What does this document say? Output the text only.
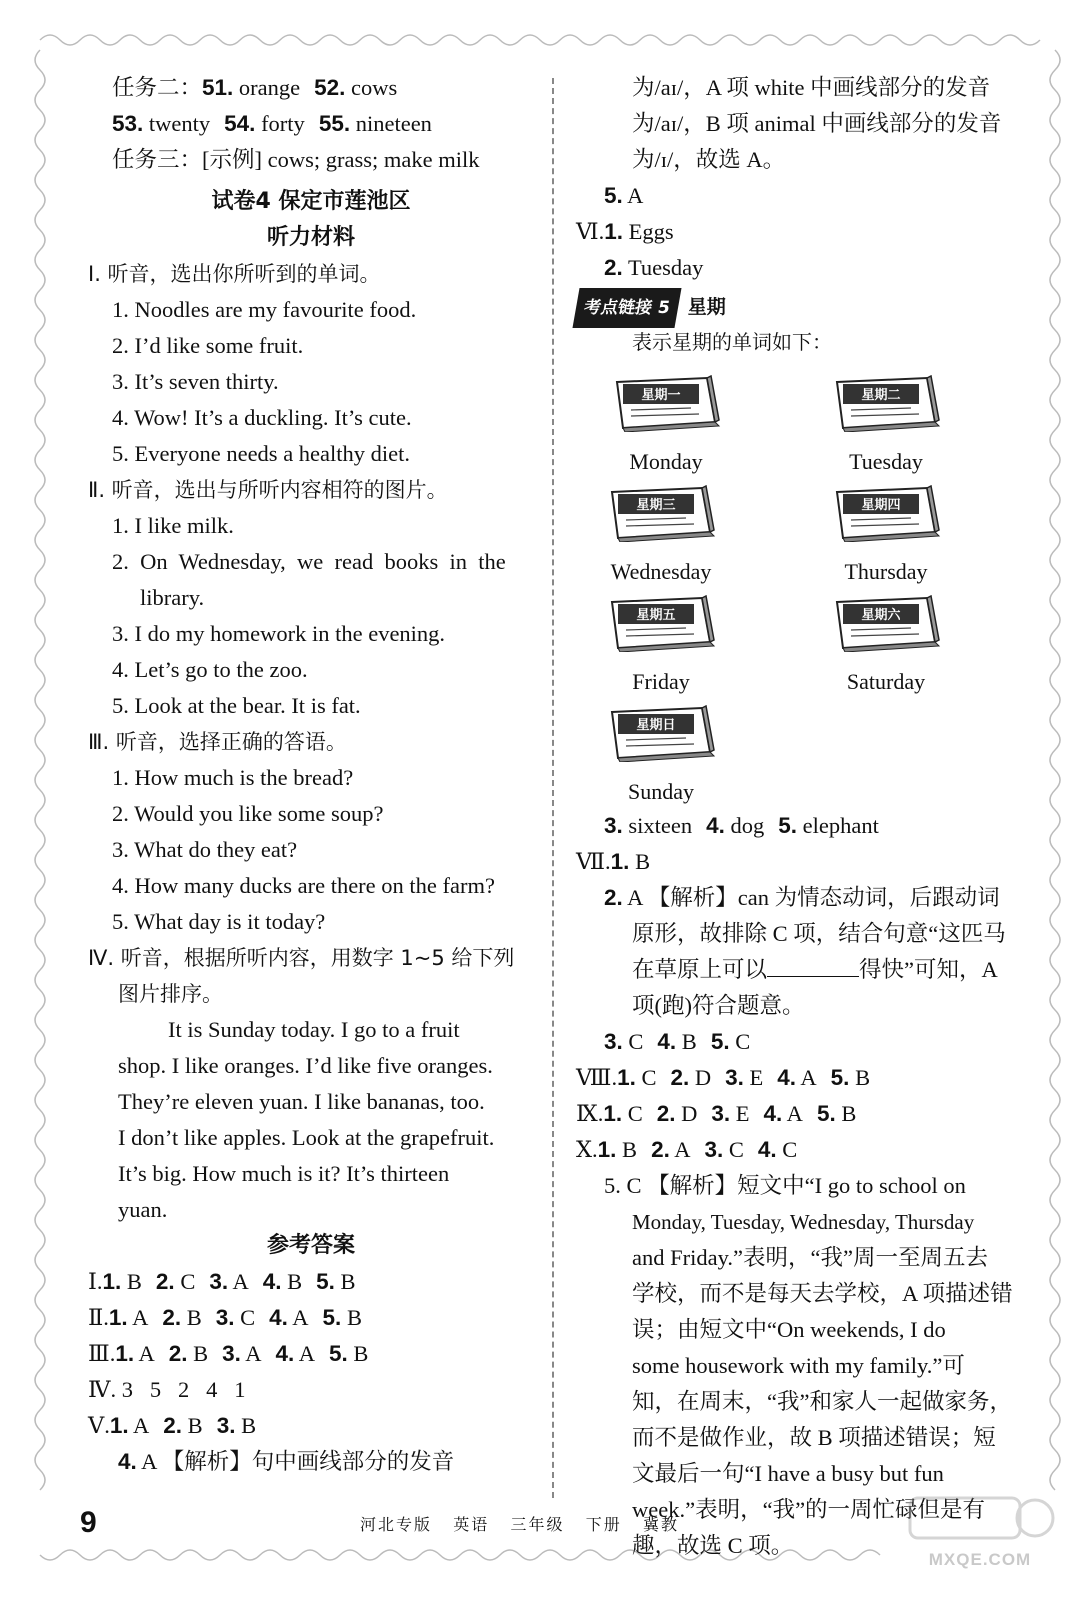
任务二：51. orange 52. cows
53. twenty 54. forty 55. nineteen
任务三：[示例] cows; grass; make milk
试卷4 保定市莲池区
听力材料
Ⅰ. 听音，选出你所听到的单词。
1. Noodles are my favourite food.
2. I’d like some fruit.
3. It’s seven thirty.
4. Wow! It’s a duckling. It’s cute.
5. Everyone needs a healthy diet.
Ⅱ. 听音，选出与所听内容相符的图片。
1. I like milk.
2.  On  Wednesday,  we  read  books  in  the
library.
3. I do my homework in the evening.
4. Let’s go to the zoo.
5. Look at the bear. It is fat.
Ⅲ. 听音，选择正确的答语。
1. How much is the bread?
2. Would you like some soup?
3. What do they eat?
4. How many ducks are there on the farm?
5. What day is it today?
Ⅳ. 听音，根据所听内容，用数字 1~5 给下列
图片排序。
It is Sunday today. I go to a fruit
shop. I like oranges. I’d like five oranges.
They’re eleven yuan. I like bananas, too.
I don’t like apples. Look at the grapefruit.
It’s big. How much is it? It’s thirteen
yuan.
参考答案
Ⅰ.1. B 2. C 3. A 4. B 5. B
Ⅱ.1. A 2. B 3. C 4. A 5. B
Ⅲ.1. A 2. B 3. A 4. A 5. B
Ⅳ. 3   5   2   4   1
Ⅴ.1. A 2. B 3. B
4. A 【解析】句中画线部分的发音
为/aɪ/，A 项 white 中画线部分的发音
为/aɪ/，B 项 animal 中画线部分的发音
为/ɪ/，故选 A。
5. A
Ⅵ.1. Eggs
2. Tuesday
考点链接 5 星期
表示星期的单词如下：
星期一
Monday
星期二
Tuesday
星期三
Wednesday
星期四
Thursday
星期五
Friday
星期六
Saturday
星期日
Sunday
3. sixteen 4. dog 5. elephant
Ⅶ.1. B
2. A 【解析】can 为情态动词，后跟动词
原形，故排除 C 项，结合句意“这匹马
在草原上可以	得快”可知，A
项(跑)符合题意。
3. C 4. B 5. C
Ⅷ.1. C 2. D 3. E 4. A 5. B
Ⅸ.1. C 2. D 3. E 4. A 5. B
Ⅹ.1. B 2. A 3. C 4. C
5. C 【解析】短文中“I go to school on
Monday, Tuesday, Wednesday, Thursday
and Friday.”表明，“我”周一至周五去
学校，而不是每天去学校，A 项描述错
误；由短文中“On weekends, I do
some housework with my family.”可
知，在周末，“我”和家人一起做家务，
而不是做作业，故 B 项描述错误；短
文最后一句“I have a busy but fun
week.”表明，“我”的一周忙碌但是有
趣，故选 C 项。
9	河北专版   英语   三年级   下册   冀教
MXQE.COM
